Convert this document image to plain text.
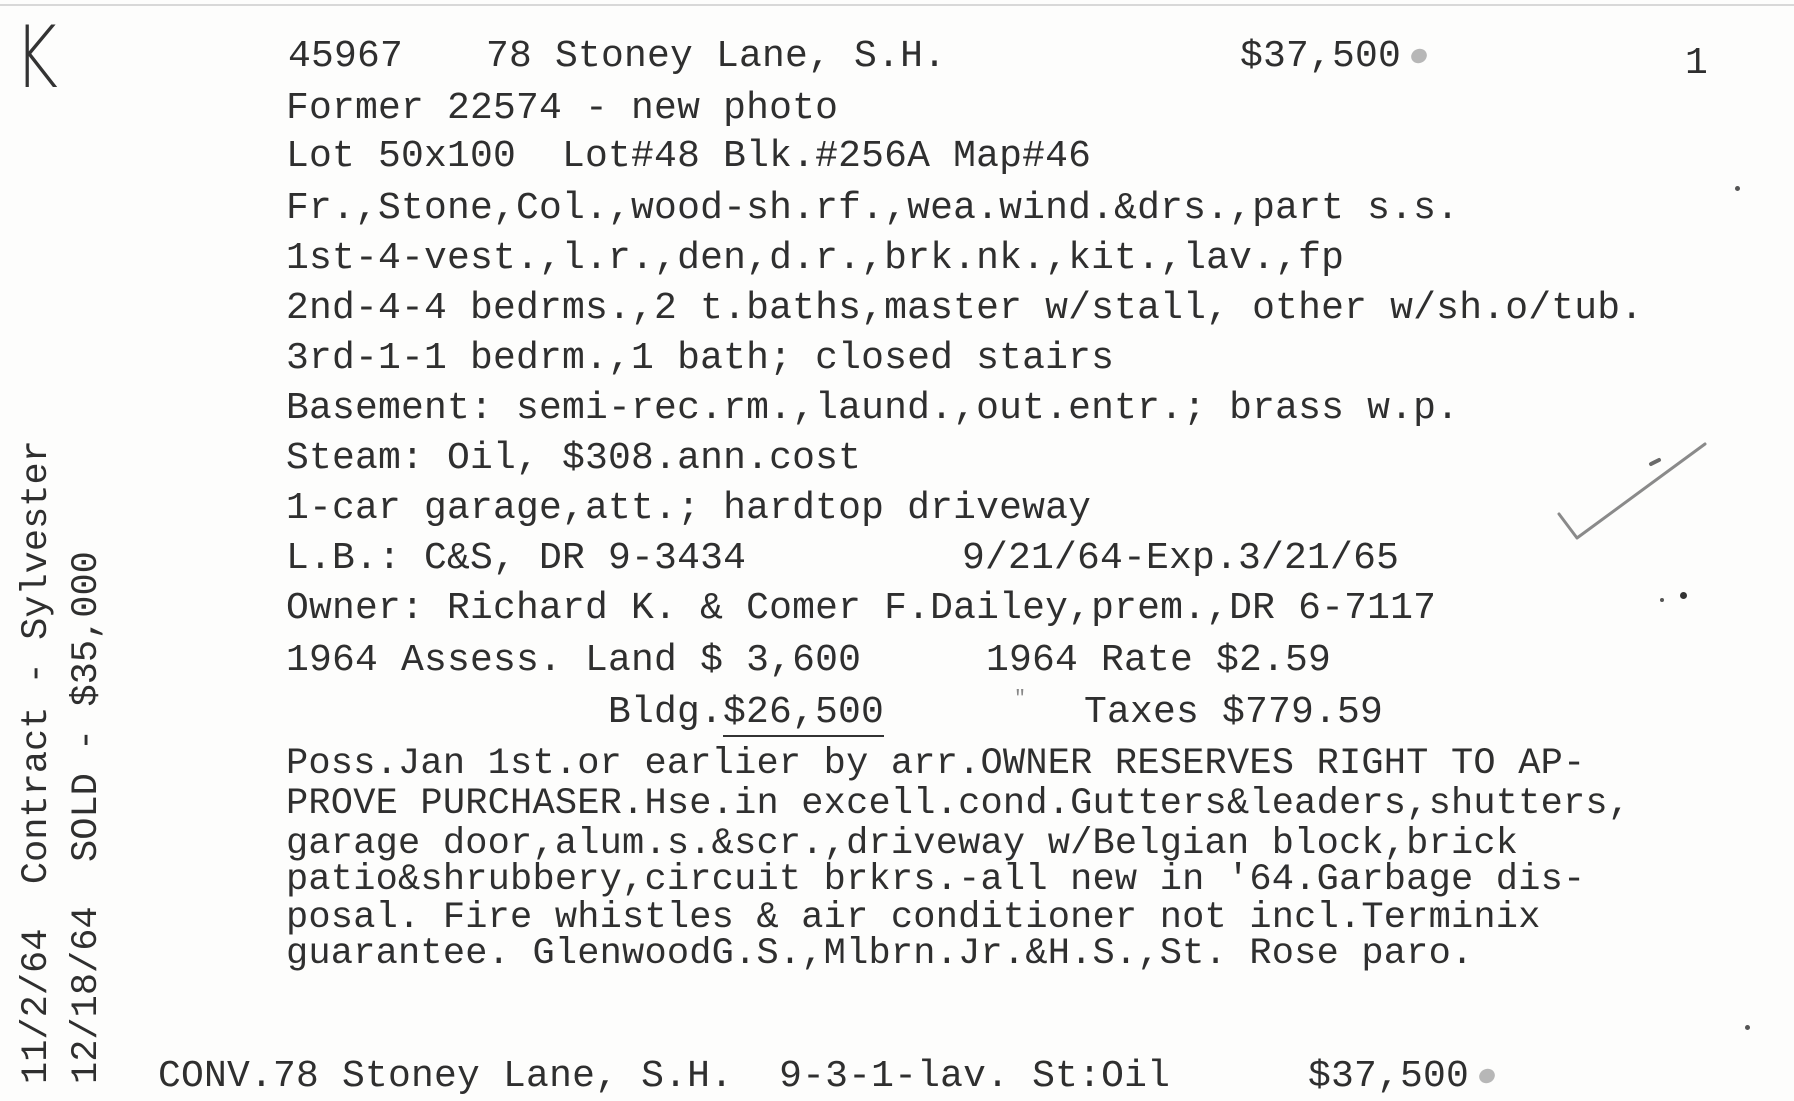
K	45967 78 Stoney Lane, S.H.	$37,500	1
Former 22574 - new photo
Lot 50x100  Lot#48 Blk.#256A Map#46
Fr.,Stone,Col.,wood-sh.rf.,wea.wind.&drs.,part s.s.
1st-4-vest.,l.r.,den,d.r.,brk.nk.,kit.,lav.,fp
2nd-4-4 bedrms.,2 t.baths,master w/stall, other w/sh.o/tub.
3rd-1-1 bedrm.,1 bath; closed stairs
Basement: semi-rec.rm.,laund.,out.entr.; brass w.p.
Steam: Oil, $308.ann.cost
1-car garage,att.; hardtop driveway
L.B.: C&S, DR 9-3434	9/21/64-Exp.3/21/65
Owner: Richard K. & Comer F.Dailey,prem.,DR 6-7117
1964 Assess. Land $ 3,600	1964 Rate $2.59
Bldg.$26,500	" Taxes $779.59
Poss.Jan 1st.or earlier by arr.OWNER RESERVES RIGHT TO AP-
PROVE PURCHASER.Hse.in excell.cond.Gutters&leaders,shutters,
garage door,alum.s.&scr.,driveway w/Belgian block,brick
patio&shrubbery,circuit brkrs.-all new in '64.Garbage dis-
posal. Fire whistles & air conditioner not incl.Terminix
guarantee. GlenwoodG.S.,Mlbrn.Jr.&H.S.,St. Rose paro.
CONV.78 Stoney Lane, S.H.  9-3-1-lav. St:Oil	$37,500
11/2/64  Contract - Sylvester 12/18/64  SOLD - $35,000
